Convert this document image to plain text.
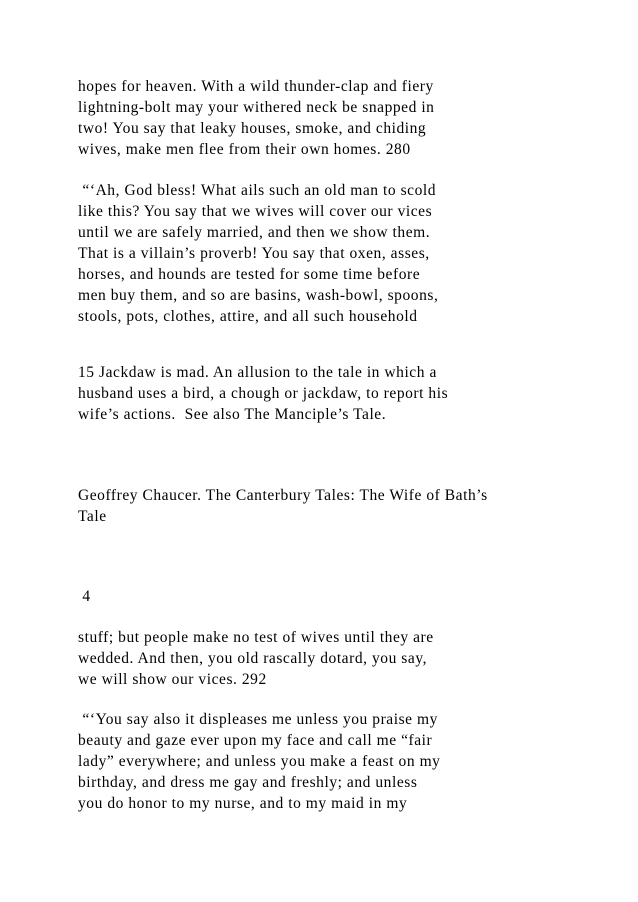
hopes for heaven. With a wild thunder-clap and fiery

lightning-bolt may your withered neck be snapped in

two! You say that leaky houses, smoke, and chiding

wives, make men flee from their own homes. 280

“‘Ah, God bless! What ails such an old man to scold

like this? You say that we wives will cover our vices

until we are safely married, and then we show them.

That is a villain’s proverb! You say that oxen, asses,

horses, and hounds are tested for some time before

men buy them, and so are basins, wash-bowl, spoons,

stools, pots, clothes, attire, and all such household

15 Jackdaw is mad. An allusion to the tale in which a

husband uses a bird, a chough or jackdaw, to report his

wife’s actions.  See also The Manciple’s Tale.

Geoffrey Chaucer. The Canterbury Tales: The Wife of Bath’s

Tale

4

stuff; but people make no test of wives until they are

wedded. And then, you old rascally dotard, you say,

we will show our vices. 292

“‘You say also it displeases me unless you praise my

beauty and gaze ever upon my face and call me “fair

lady” everywhere; and unless you make a feast on my

birthday, and dress me gay and freshly; and unless

you do honor to my nurse, and to my maid in my
